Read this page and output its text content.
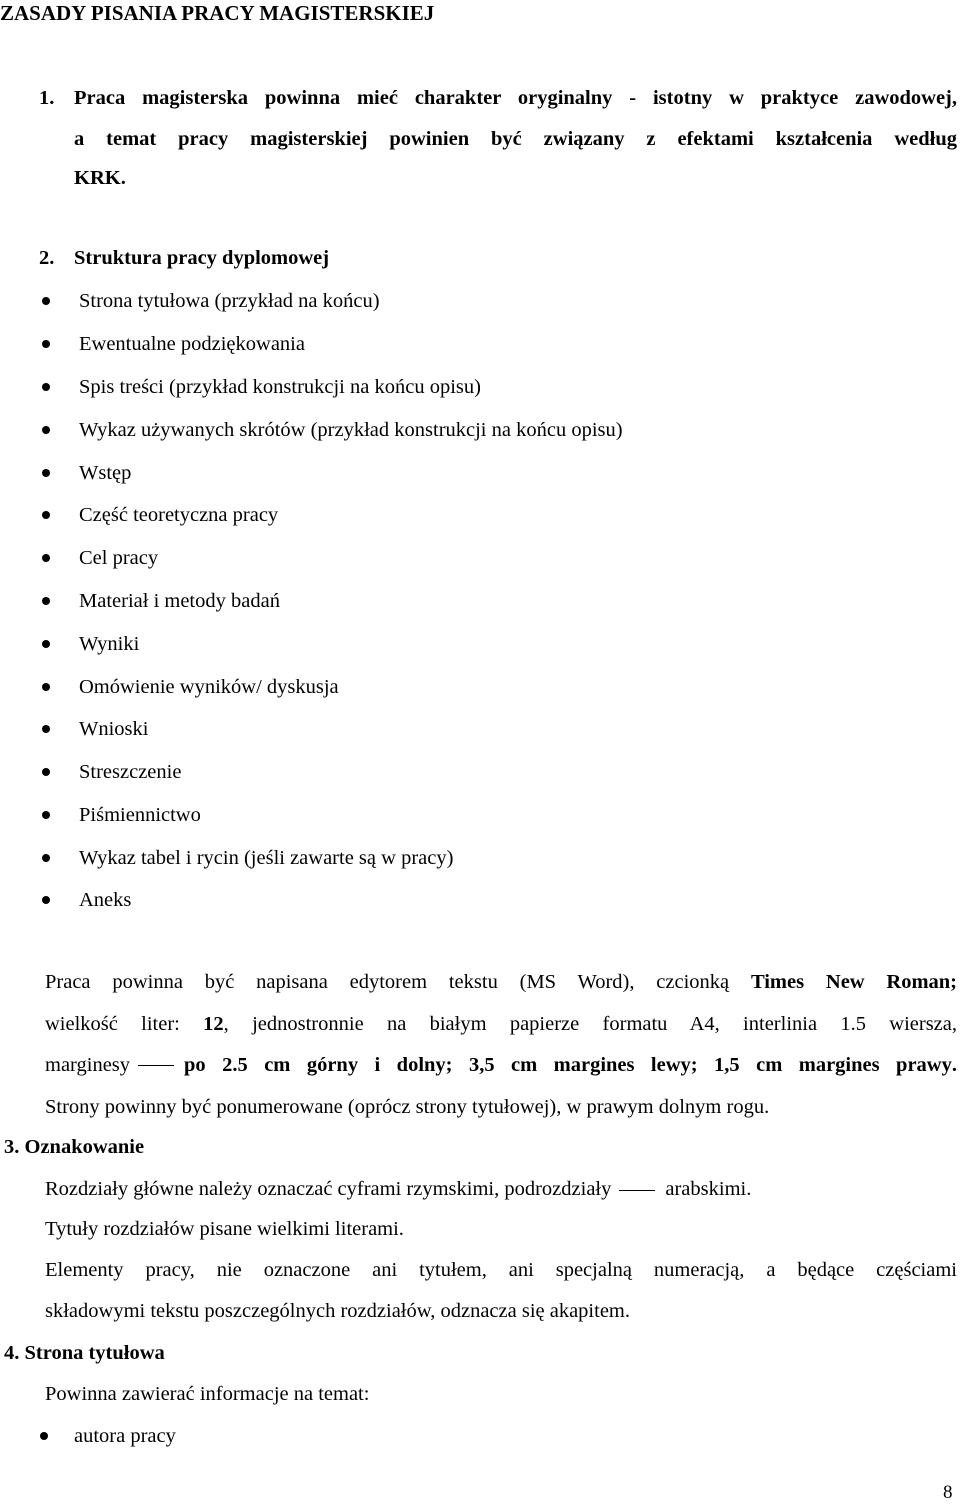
ZASADY PISANIA PRACY MAGISTERSKIEJ
1. Praca magisterska powinna mieć charakter oryginalny - istotny w praktyce zawodowej,
a temat pracy magisterskiej powinien być związany z efektami kształcenia według
KRK.
2. Struktura pracy dyplomowej
Strona tytułowa (przykład na końcu)
Ewentualne podziękowania
Spis treści (przykład konstrukcji na końcu opisu)
Wykaz używanych skrótów (przykład konstrukcji na końcu opisu)
Wstęp
Część teoretyczna pracy
Cel pracy
Materiał i metody badań
Wyniki
Omówienie wyników/ dyskusja
Wnioski
Streszczenie
Piśmiennictwo
Wykaz tabel i rycin (jeśli zawarte są w pracy)
Aneks
Praca powinna być napisana edytorem tekstu (MS Word), czcionką Times New Roman;
wielkość liter: 12, jednostronnie na białym papierze formatu A4, interlinia 1.5 wiersza,
marginesy	po 2.5 cm górny i dolny; 3,5 cm margines lewy; 1,5 cm margines prawy .
Strony powinny być ponumerowane (oprócz strony tytułowej), w prawym dolnym rogu.
3. Oznakowanie
Rozdziały główne należy oznaczać cyframi rzymskimi, podrozdziały	arabskimi.
Tytuły rozdziałów pisane wielkimi literami.
Elementy pracy, nie oznaczone ani tytułem, ani specjalną numeracją, a będące częściami
składowymi tekstu poszczególnych rozdziałów, odznacza się akapitem.
4. Strona tytułowa
Powinna zawierać informacje na temat:
autora pracy
8
